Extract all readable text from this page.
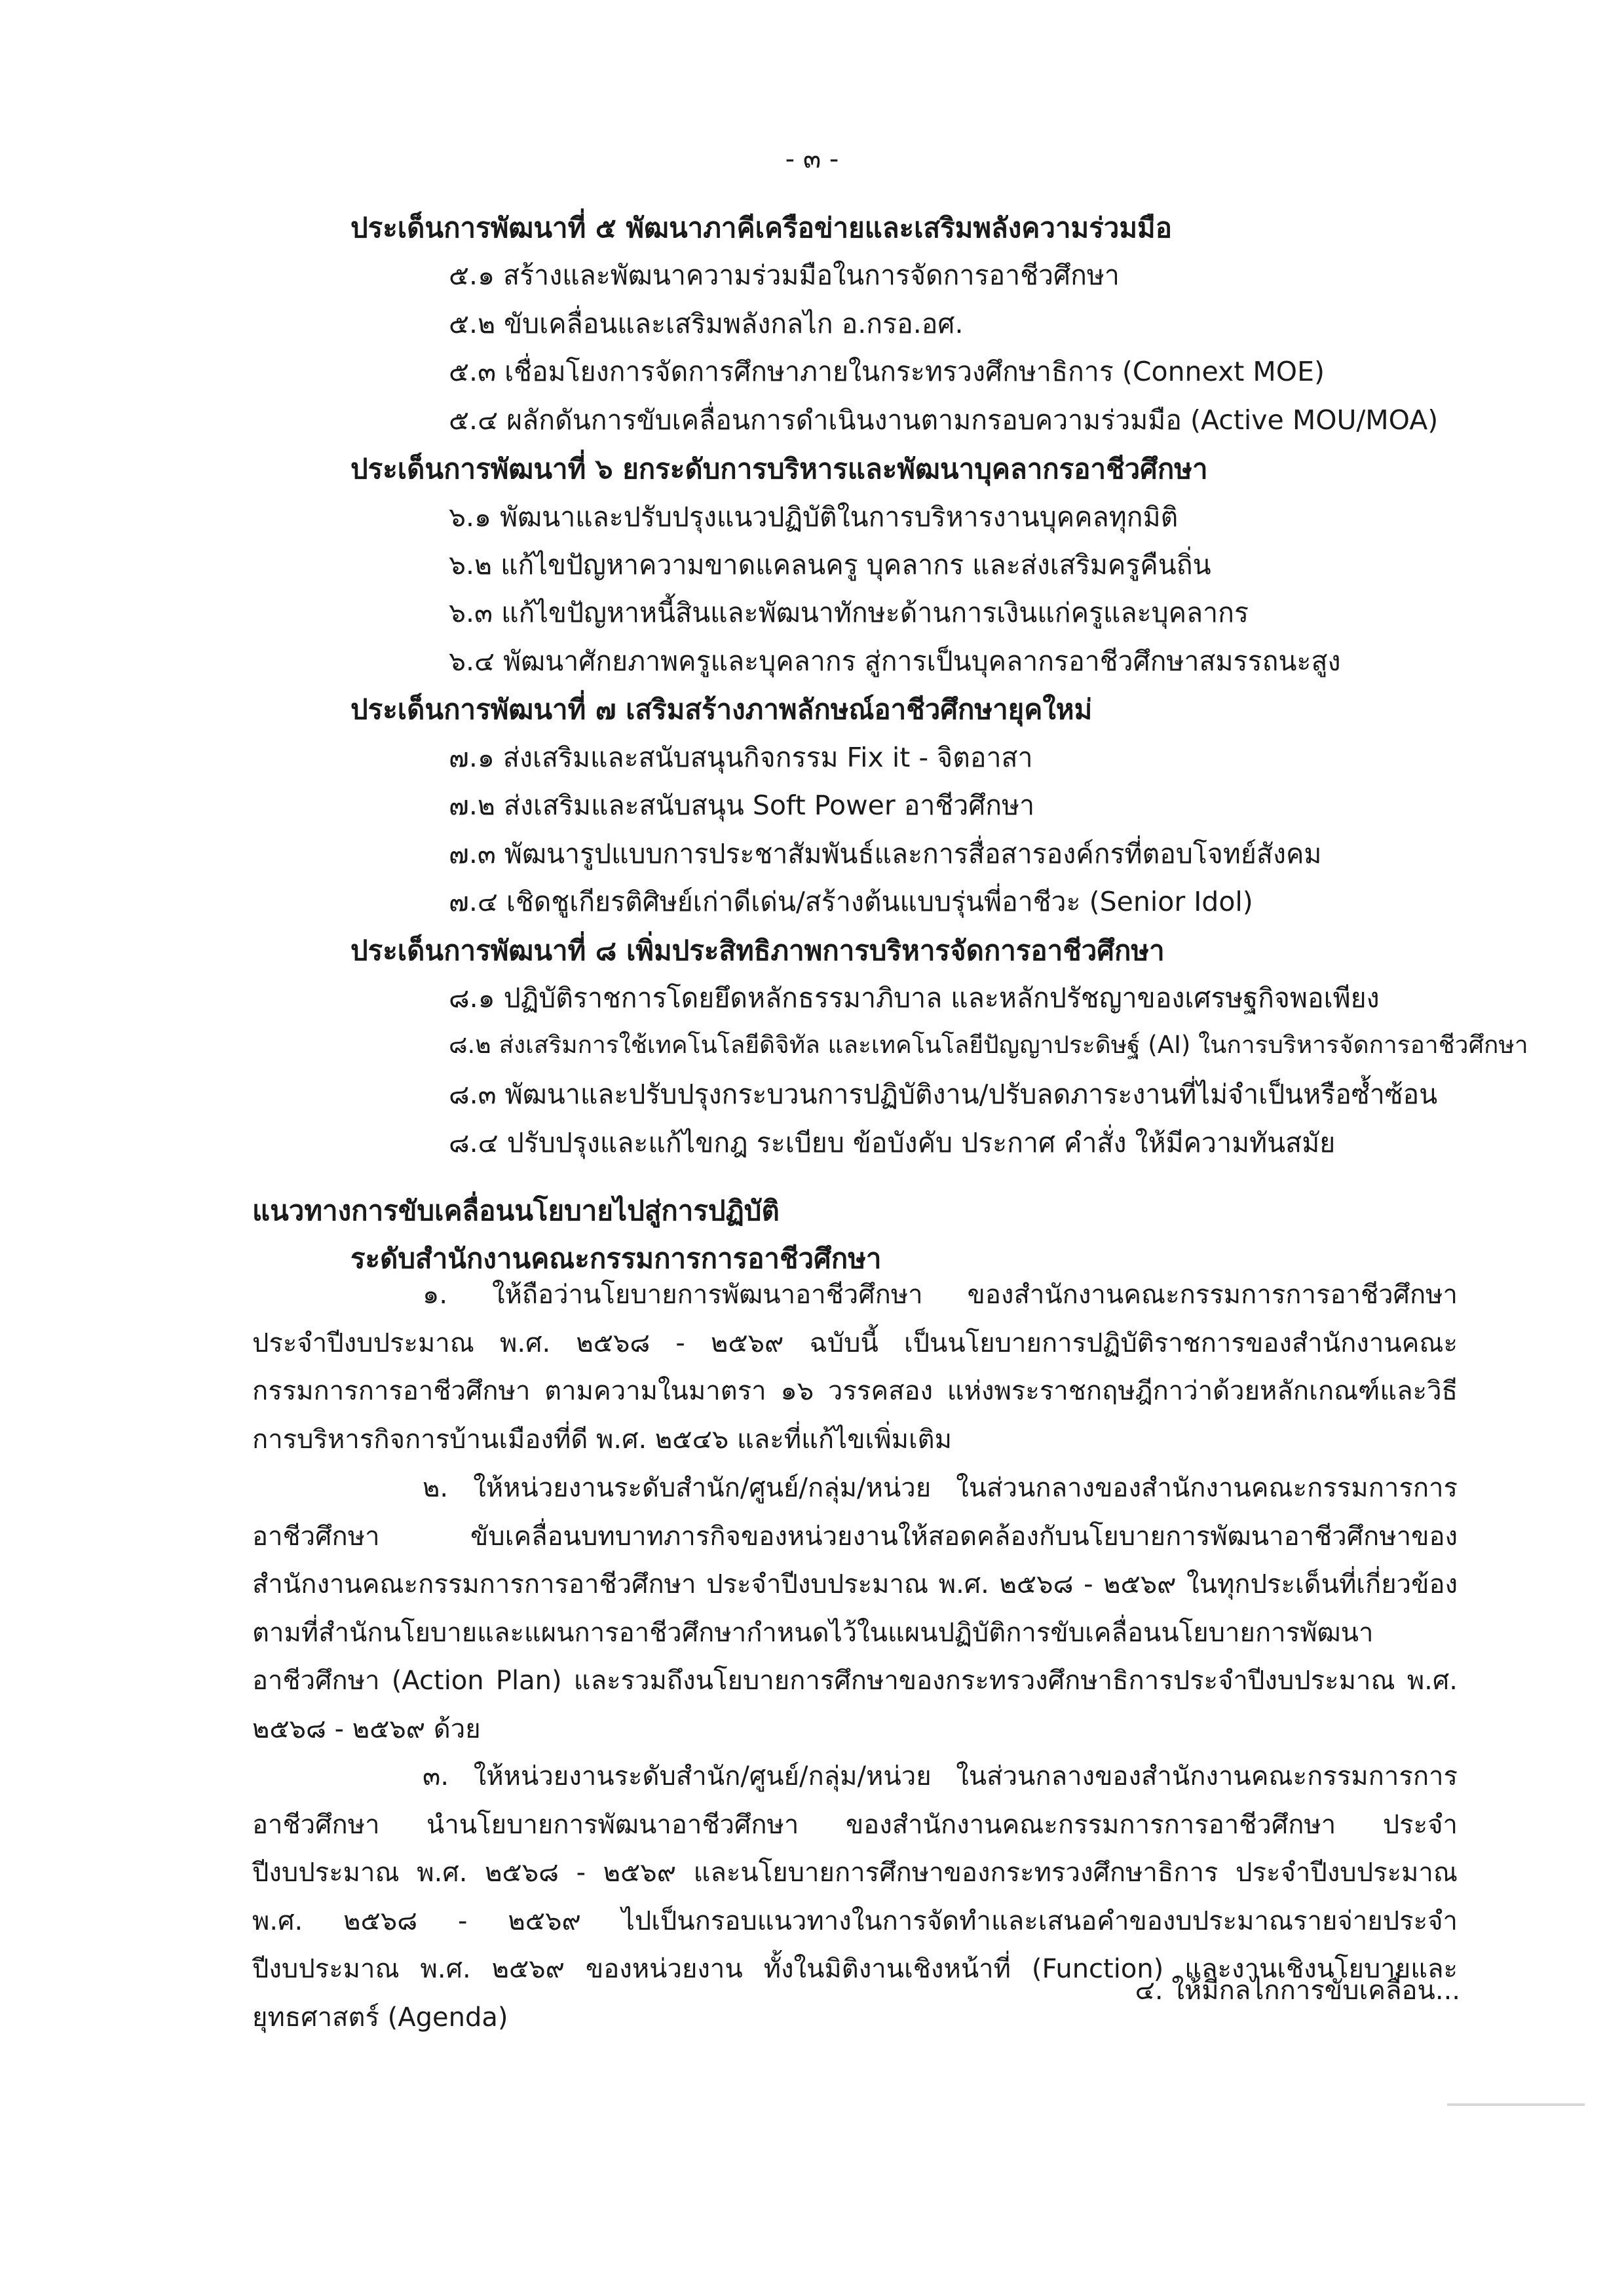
- ๓ -
ประเด็นการพัฒนาที่ ๕ พัฒนาภาคีเครือข่ายและเสริมพลังความร่วมมือ
๕.๑ สร้างและพัฒนาความร่วมมือในการจัดการอาชีวศึกษา
๕.๒ ขับเคลื่อนและเสริมพลังกลไก อ.กรอ.อศ.
๕.๓ เชื่อมโยงการจัดการศึกษาภายในกระทรวงศึกษาธิการ (Connext MOE)
๕.๔ ผลักดันการขับเคลื่อนการดำเนินงานตามกรอบความร่วมมือ (Active MOU/MOA)
ประเด็นการพัฒนาที่ ๖ ยกระดับการบริหารและพัฒนาบุคลากรอาชีวศึกษา
๖.๑ พัฒนาและปรับปรุงแนวปฏิบัติในการบริหารงานบุคคลทุกมิติ
๖.๒ แก้ไขปัญหาความขาดแคลนครู บุคลากร และส่งเสริมครูคืนถิ่น
๖.๓ แก้ไขปัญหาหนี้สินและพัฒนาทักษะด้านการเงินแก่ครูและบุคลากร
๖.๔ พัฒนาศักยภาพครูและบุคลากร สู่การเป็นบุคลากรอาชีวศึกษาสมรรถนะสูง
ประเด็นการพัฒนาที่ ๗ เสริมสร้างภาพลักษณ์อาชีวศึกษายุคใหม่
๗.๑ ส่งเสริมและสนับสนุนกิจกรรม Fix it - จิตอาสา
๗.๒ ส่งเสริมและสนับสนุน Soft Power อาชีวศึกษา
๗.๓ พัฒนารูปแบบการประชาสัมพันธ์และการสื่อสารองค์กรที่ตอบโจทย์สังคม
๗.๔ เชิดชูเกียรติศิษย์เก่าดีเด่น/สร้างต้นแบบรุ่นพี่อาชีวะ (Senior Idol)
ประเด็นการพัฒนาที่ ๘ เพิ่มประสิทธิภาพการบริหารจัดการอาชีวศึกษา
๘.๑ ปฏิบัติราชการโดยยึดหลักธรรมาภิบาล และหลักปรัชญาของเศรษฐกิจพอเพียง
๘.๒ ส่งเสริมการใช้เทคโนโลยีดิจิทัล และเทคโนโลยีปัญญาประดิษฐ์ (AI) ในการบริหารจัดการอาชีวศึกษา
๘.๓ พัฒนาและปรับปรุงกระบวนการปฏิบัติงาน/ปรับลดภาระงานที่ไม่จำเป็นหรือซ้ำซ้อน
๘.๔ ปรับปรุงและแก้ไขกฎ ระเบียบ ข้อบังคับ ประกาศ คำสั่ง ให้มีความทันสมัย
แนวทางการขับเคลื่อนนโยบายไปสู่การปฏิบัติ
ระดับสำนักงานคณะกรรมการการอาชีวศึกษา

๑. ให้ถือว่านโยบายการพัฒนาอาชีวศึกษา ของสำนักงานคณะกรรมการการอาชีวศึกษา ประจำปีงบประมาณ พ.ศ. ๒๕๖๘ - ๒๕๖๙ ฉบับนี้ เป็นนโยบายการปฏิบัติราชการของสำนักงานคณะกรรมการการอาชีวศึกษา ตามความในมาตรา ๑๖ วรรคสอง แห่งพระราชกฤษฎีกาว่าด้วยหลักเกณฑ์และวิธีการบริหารกิจการบ้านเมืองที่ดี พ.ศ. ๒๕๔๖ และที่แก้ไขเพิ่มเติม

๒. ให้หน่วยงานระดับสำนัก/ศูนย์/กลุ่ม/หน่วย ในส่วนกลางของสำนักงานคณะกรรมการการอาชีวศึกษา ขับเคลื่อนบทบาทภารกิจของหน่วยงานให้สอดคล้องกับนโยบายการพัฒนาอาชีวศึกษาของสำนักงานคณะกรรมการการอาชีวศึกษา ประจำปีงบประมาณ พ.ศ. ๒๕๖๘ - ๒๕๖๙ ในทุกประเด็นที่เกี่ยวข้อง ตามที่สำนักนโยบายและแผนการอาชีวศึกษากำหนดไว้ในแผนปฏิบัติการขับเคลื่อนนโยบายการพัฒนาอาชีวศึกษา (Action Plan) และรวมถึงนโยบายการศึกษาของกระทรวงศึกษาธิการประจำปีงบประมาณ พ.ศ. ๒๕๖๘ - ๒๕๖๙ ด้วย

๓. ให้หน่วยงานระดับสำนัก/ศูนย์/กลุ่ม/หน่วย ในส่วนกลางของสำนักงานคณะกรรมการการอาชีวศึกษา นำนโยบายการพัฒนาอาชีวศึกษา ของสำนักงานคณะกรรมการการอาชีวศึกษา ประจำปีงบประมาณ พ.ศ. ๒๕๖๘ - ๒๕๖๙ และนโยบายการศึกษาของกระทรวงศึกษาธิการ ประจำปีงบประมาณ พ.ศ. ๒๕๖๘ - ๒๕๖๙ ไปเป็นกรอบแนวทางในการจัดทำและเสนอคำของบประมาณรายจ่ายประจำปีงบประมาณ พ.ศ. ๒๕๖๙ ของหน่วยงาน ทั้งในมิติงานเชิงหน้าที่ (Function) และงานเชิงนโยบายและยุทธศาสตร์ (Agenda)

๔. ให้มีกลไกการขับเคลื่อน...
